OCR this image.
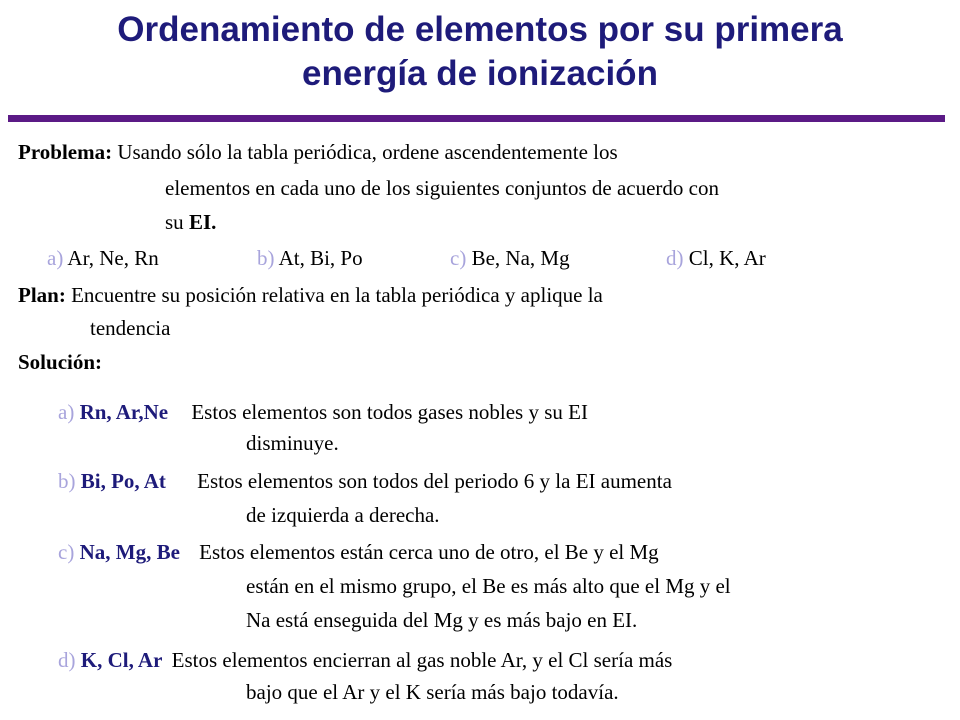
Ordenamiento de elementos por su primera
energía de ionización
Problema: Usando sólo la tabla periódica, ordene ascendentemente los
elementos en cada uno de los siguientes conjuntos de acuerdo con
su EI.
a) Ar, Ne, Rn	b) At, Bi, Po	c) Be, Na, Mg	d) Cl, K, Ar
Plan: Encuentre su posición relativa en la tabla periódica y aplique la
tendencia
Solución:
a) Rn, Ar,Ne Estos elementos son todos gases nobles y su EI
disminuye.
b) Bi, Po, At Estos elementos son todos del periodo 6 y la EI aumenta
de izquierda a derecha.
c) Na, Mg, Be Estos elementos están cerca uno de otro, el Be y el Mg
están en el mismo grupo, el Be es más alto que el Mg y el
Na está enseguida del Mg y es más bajo en EI.
d) K, Cl, Ar Estos elementos encierran al gas noble Ar, y el Cl sería más
bajo que el Ar y el K sería más bajo todavía.
